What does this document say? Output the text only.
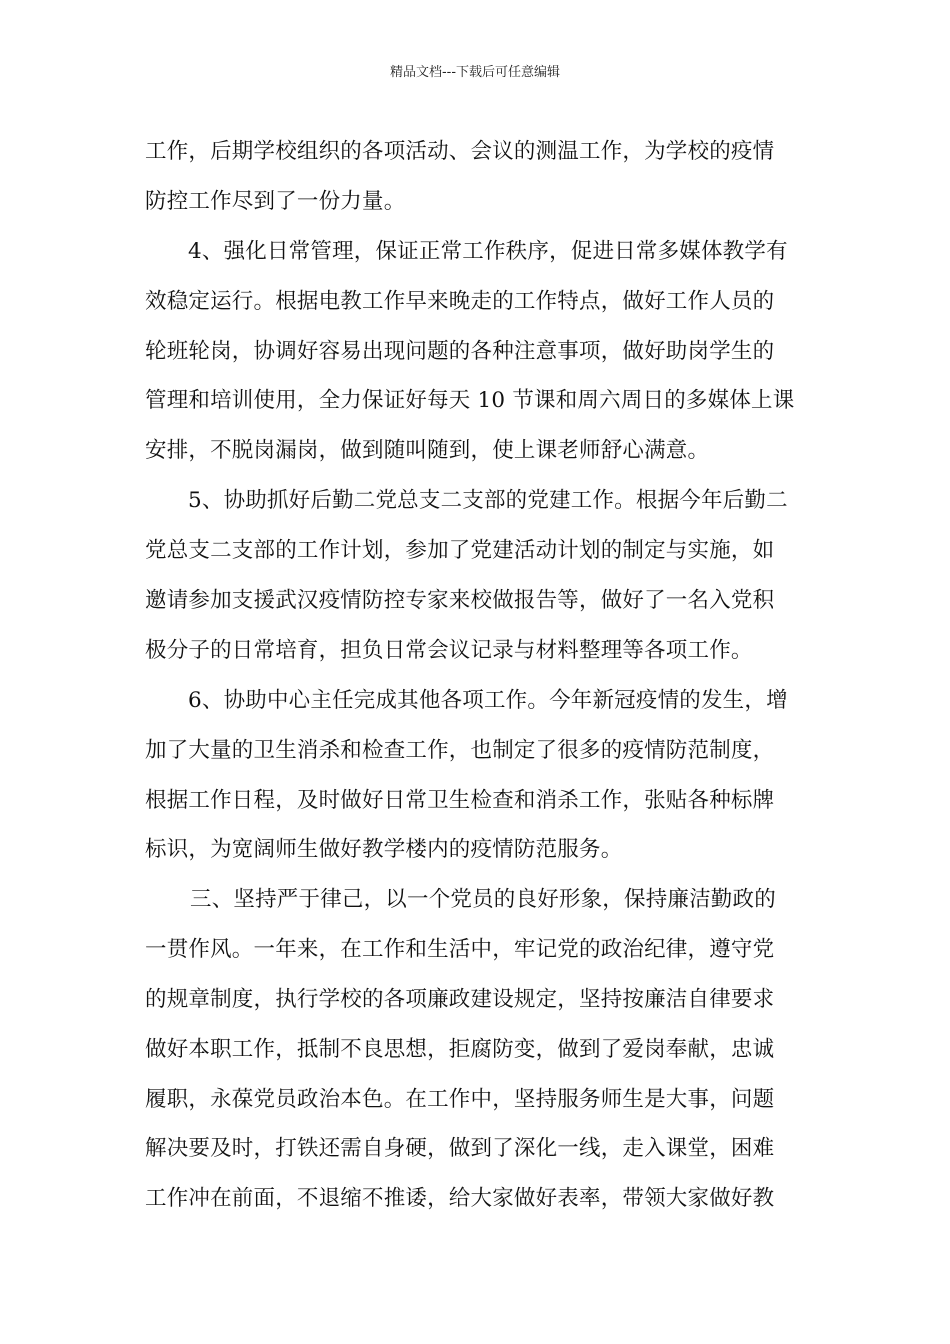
精品文档---下载后可任意编辑
工作，后期学校组织的各项活动、会议的测温工作，为学校的疫情
防控工作尽到了一份力量。
4、强化日常管理，保证正常工作秩序，促进日常多媒体教学有
效稳定运行。根据电教工作早来晚走的工作特点，做好工作人员的
轮班轮岗，协调好容易出现问题的各种注意事项，做好助岗学生的
管理和培训使用，全力保证好每天 10 节课和周六周日的多媒体上课
安排，不脱岗漏岗，做到随叫随到，使上课老师舒心满意。
5、协助抓好后勤二党总支二支部的党建工作。根据今年后勤二
党总支二支部的工作计划，参加了党建活动计划的制定与实施，如
邀请参加支援武汉疫情防控专家来校做报告等，做好了一名入党积
极分子的日常培育，担负日常会议记录与材料整理等各项工作。
6、协助中心主任完成其他各项工作。今年新冠疫情的发生，增
加了大量的卫生消杀和检查工作，也制定了很多的疫情防范制度，
根据工作日程，及时做好日常卫生检查和消杀工作，张贴各种标牌
标识，为宽阔师生做好教学楼内的疫情防范服务。
三、坚持严于律己，以一个党员的良好形象，保持廉洁勤政的
一贯作风。一年来，在工作和生活中，牢记党的政治纪律，遵守党
的规章制度，执行学校的各项廉政建设规定，坚持按廉洁自律要求
做好本职工作，抵制不良思想，拒腐防变，做到了爱岗奉献，忠诚
履职，永葆党员政治本色。在工作中，坚持服务师生是大事，问题
解决要及时，打铁还需自身硬，做到了深化一线，走入课堂，困难
工作冲在前面，不退缩不推诿，给大家做好表率，带领大家做好教
